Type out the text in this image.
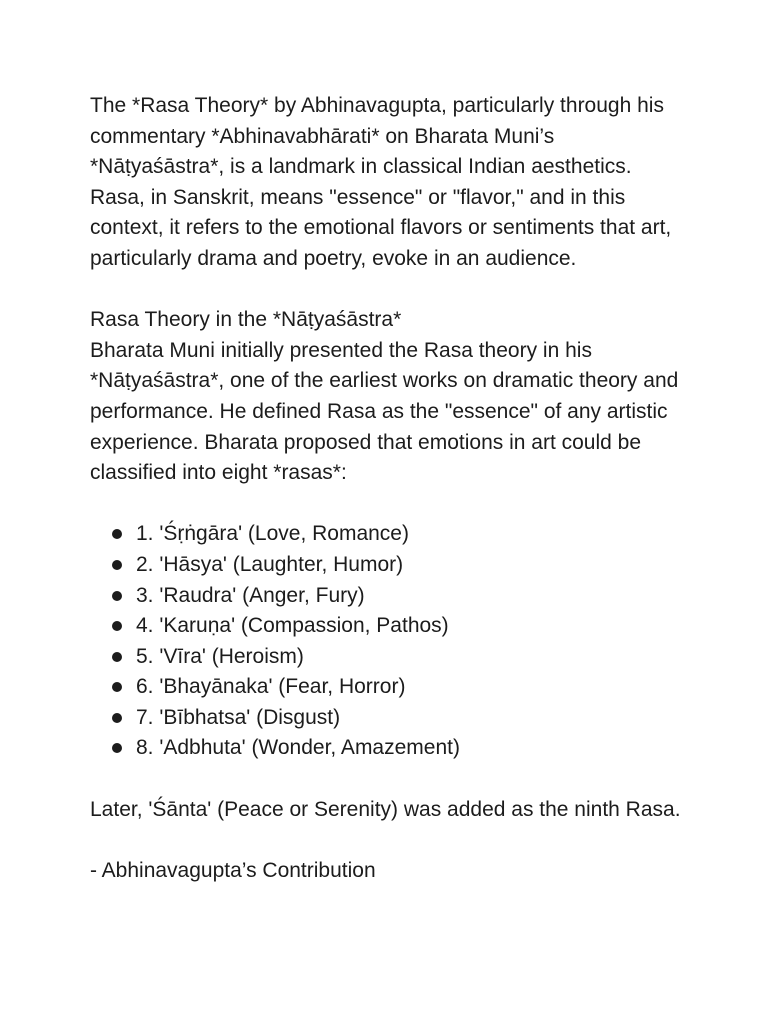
The *Rasa Theory* by Abhinavagupta, particularly through his commentary *Abhinavabhārati* on Bharata Muni’s *Nāṭyaśāstra*, is a landmark in classical Indian aesthetics. Rasa, in Sanskrit, means "essence" or "flavor," and in this context, it refers to the emotional flavors or sentiments that art, particularly drama and poetry, evoke in an audience.

Rasa Theory in the *Nāṭyaśāstra*

Bharata Muni initially presented the Rasa theory in his *Nāṭyaśāstra*, one of the earliest works on dramatic theory and performance. He defined Rasa as the "essence" of any artistic experience. Bharata proposed that emotions in art could be classified into eight *rasas*:

1. 'Śṛṅgāra' (Love, Romance)
2. 'Hāsya' (Laughter, Humor)
3. 'Raudra' (Anger, Fury)
4. 'Karuṇa' (Compassion, Pathos)
5. 'Vīra' (Heroism)
6. 'Bhayānaka' (Fear, Horror)
7. 'Bībhatsa' (Disgust)
8. 'Adbhuta' (Wonder, Amazement)

Later, 'Śānta' (Peace or Serenity) was added as the ninth Rasa.

- Abhinavagupta’s Contribution
